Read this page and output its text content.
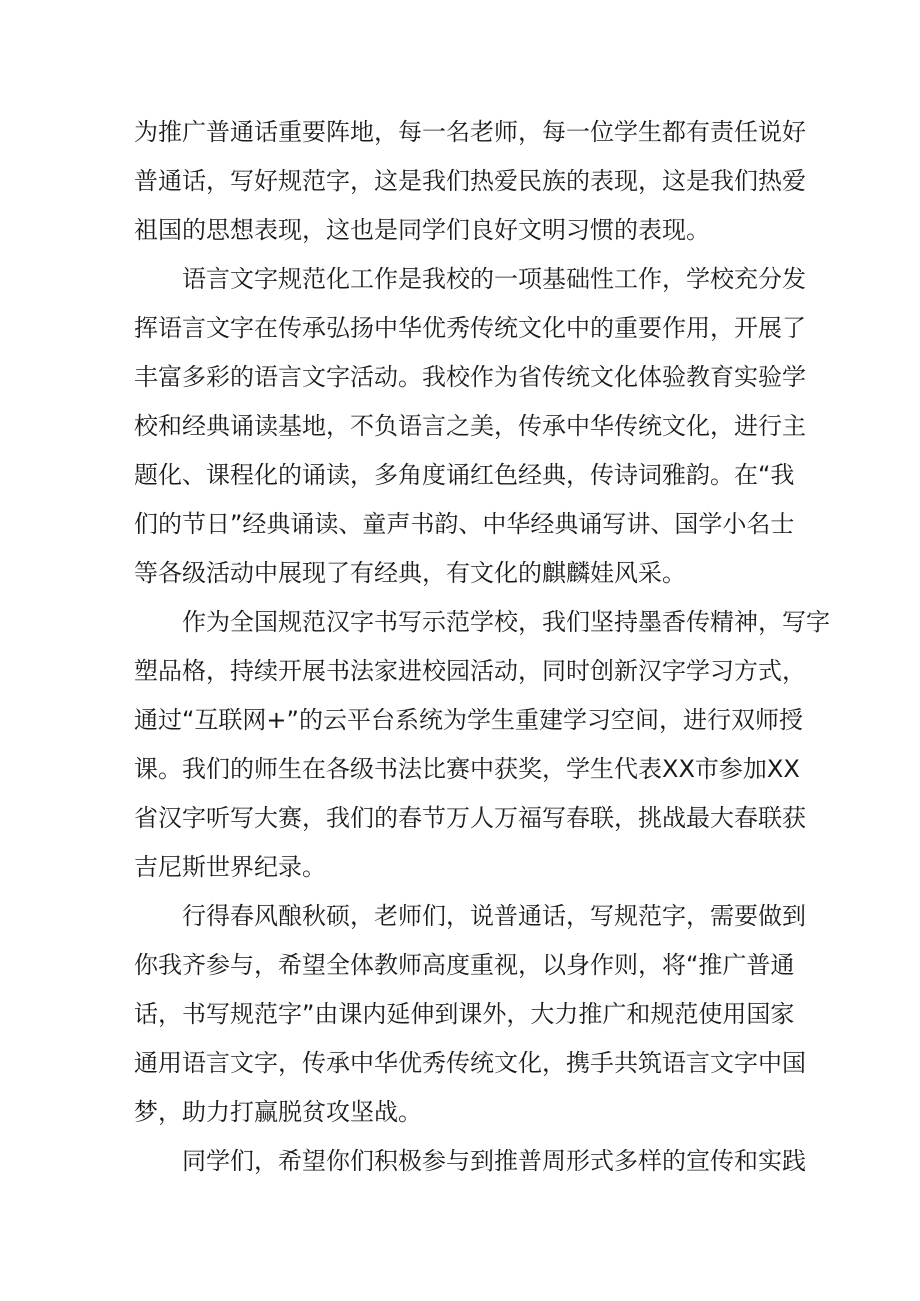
为推广普通话重要阵地，每一名老师，每一位学生都有责任说好
普通话，写好规范字，这是我们热爱民族的表现，这是我们热爱
祖国的思想表现，这也是同学们良好文明习惯的表现。
语言文字规范化工作是我校的一项基础性工作，学校充分发
挥语言文字在传承弘扬中华优秀传统文化中的重要作用，开展了
丰富多彩的语言文字活动。我校作为省传统文化体验教育实验学
校和经典诵读基地，不负语言之美，传承中华传统文化，进行主
题化、课程化的诵读，多角度诵红色经典，传诗词雅韵。在“我
们的节日”经典诵读、童声书韵、中华经典诵写讲、国学小名士
等各级活动中展现了有经典，有文化的麒麟娃风采。
作为全国规范汉字书写示范学校，我们坚持墨香传精神，写字
塑品格，持续开展书法家进校园活动，同时创新汉字学习方式，
通过“互联网+”的云平台系统为学生重建学习空间，进行双师授
课。我们的师生在各级书法比赛中获奖，学生代表XX市参加XX
省汉字听写大赛，我们的春节万人万福写春联，挑战最大春联获
吉尼斯世界纪录。
行得春风酿秋硕，老师们，说普通话，写规范字，需要做到
你我齐参与，希望全体教师高度重视，以身作则，将“推广普通
话，书写规范字”由课内延伸到课外，大力推广和规范使用国家
通用语言文字，传承中华优秀传统文化，携手共筑语言文字中国
梦，助力打赢脱贫攻坚战。
同学们，希望你们积极参与到推普周形式多样的宣传和实践
